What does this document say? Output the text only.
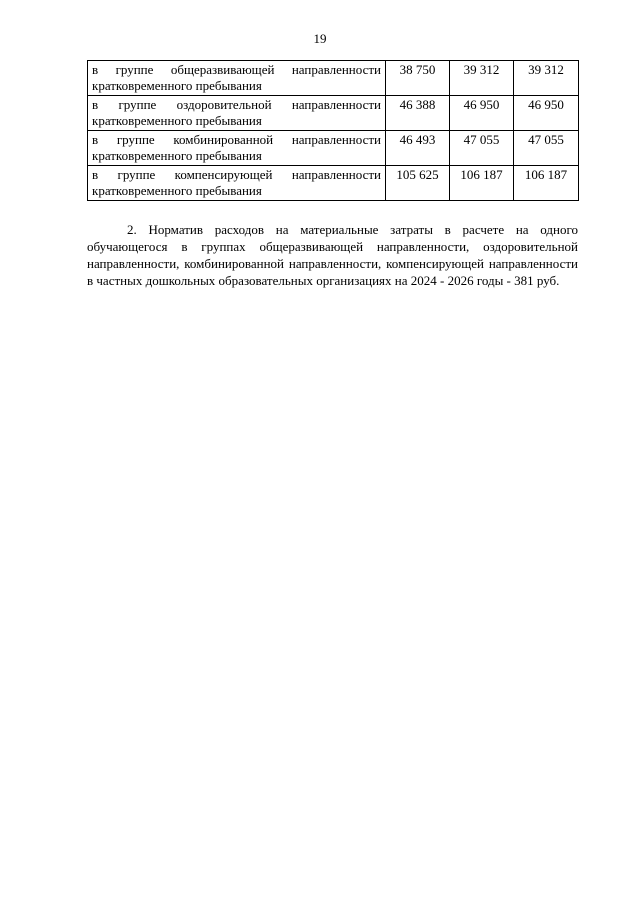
19
в группе общеразвивающей направленности
кратковременного пребывания	38 750	39 312	39 312

в группе оздоровительной направленности
кратковременного пребывания	46 388	46 950	46 950

в группе комбинированной направленности
кратковременного пребывания	46 493	47 055	47 055

в группе компенсирующей направленности
кратковременного пребывания	105 625	106 187	106 187

2. Норматив расходов на материальные затраты в расчете на одного обучающегося в группах общеразвивающей направленности, оздоровительной направленности, комбинированной направленности, компенсирующей направленности в частных дошкольных образовательных организациях на 2024 - 2026 годы - 381 руб.
